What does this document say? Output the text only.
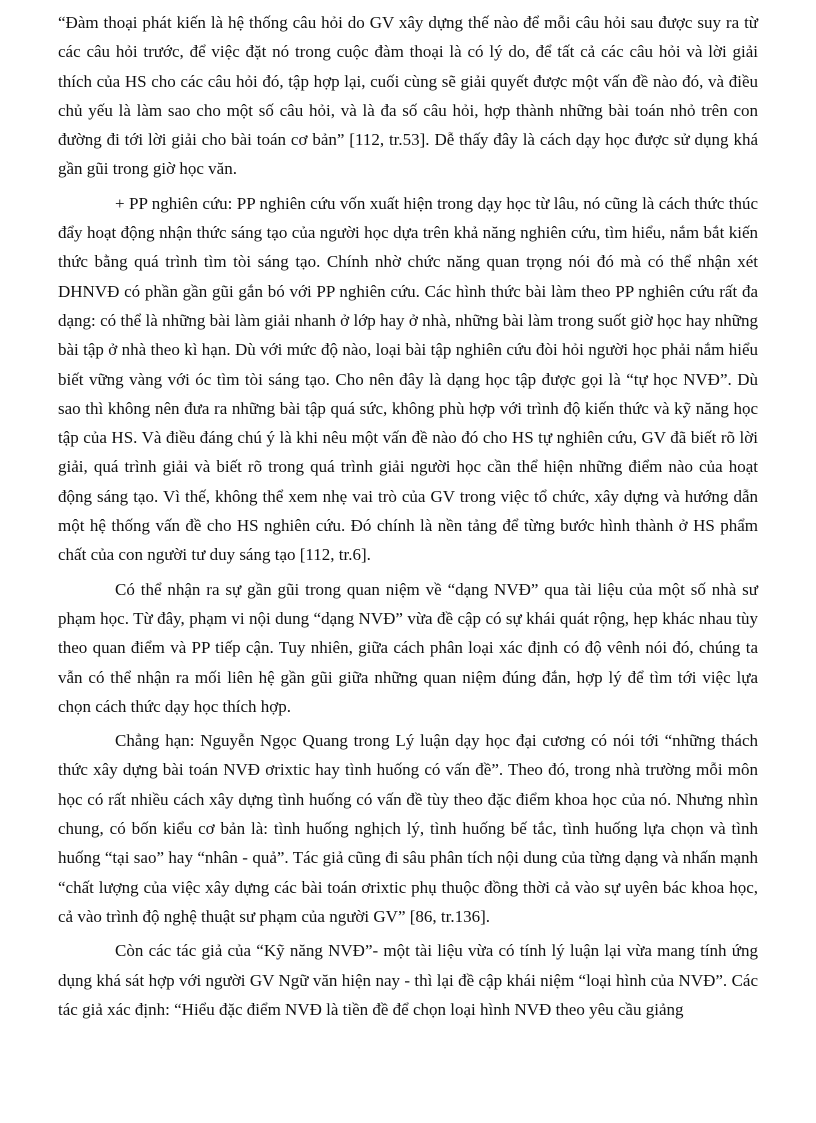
“Đàm thoại phát kiến là hệ thống câu hỏi do GV xây dựng thế nào để mỗi câu hỏi sau được suy ra từ các câu hỏi trước, để việc đặt nó trong cuộc đàm thoại là có lý do, để tất cả các câu hỏi và lời giải thích của HS cho các câu hỏi đó, tập hợp lại, cuối cùng sẽ giải quyết được một vấn đề nào đó, và điều chủ yếu là làm sao cho một số câu hỏi, và là đa số câu hỏi, hợp thành những bài toán nhỏ trên con đường đi tới lời giải cho bài toán cơ bản” [112, tr.53]. Dễ thấy đây là cách dạy học được sử dụng khá gần gũi trong giờ học văn.

+ PP nghiên cứu: PP nghiên cứu vốn xuất hiện trong dạy học từ lâu, nó cũng là cách thức thúc đẩy hoạt động nhận thức sáng tạo của người học dựa trên khả năng nghiên cứu, tìm hiểu, nắm bắt kiến thức bằng quá trình tìm tòi sáng tạo. Chính nhờ chức năng quan trọng nói đó mà có thể nhận xét DHNVĐ có phần gần gũi gắn bó với PP nghiên cứu. Các hình thức bài làm theo PP nghiên cứu rất đa dạng: có thể là những bài làm giải nhanh ở lớp hay ở nhà, những bài làm trong suốt giờ học hay những bài tập ở nhà theo kì hạn. Dù với mức độ nào, loại bài tập nghiên cứu đòi hỏi người học phải nắm hiểu biết vững vàng với óc tìm tòi sáng tạo. Cho nên đây là dạng học tập được gọi là “tự học NVĐ”. Dù sao thì không nên đưa ra những bài tập quá sức, không phù hợp với trình độ kiến thức và kỹ năng học tập của HS. Và điều đáng chú ý là khi nêu một vấn đề nào đó cho HS tự nghiên cứu, GV đã biết rõ lời giải, quá trình giải và biết rõ trong quá trình giải người học cần thể hiện những điểm nào của hoạt động sáng tạo. Vì thế, không thể xem nhẹ vai trò của GV trong việc tổ chức, xây dựng và hướng dẫn một hệ thống vấn đề cho HS nghiên cứu. Đó chính là nền tảng để từng bước hình thành ở HS phẩm chất của con người tư duy sáng tạo [112, tr.6].

Có thể nhận ra sự gần gũi trong quan niệm về “dạng NVĐ” qua tài liệu của một số nhà sư phạm học. Từ đây, phạm vi nội dung “dạng NVĐ” vừa đề cập có sự khái quát rộng, hẹp khác nhau tùy theo quan điểm và PP tiếp cận. Tuy nhiên, giữa cách phân loại xác định có độ vênh nói đó, chúng ta vẫn có thể nhận ra mối liên hệ gần gũi giữa những quan niệm đúng đắn, hợp lý để tìm tới việc lựa chọn cách thức dạy học thích hợp.

Chẳng hạn: Nguyễn Ngọc Quang trong Lý luận dạy học đại cương có nói tới “những thách thức xây dựng bài toán NVĐ ơrixtic hay tình huống có vấn đề”. Theo đó, trong nhà trường mỗi môn học có rất nhiều cách xây dựng tình huống có vấn đề tùy theo đặc điểm khoa học của nó. Nhưng nhìn chung, có bốn kiểu cơ bản là: tình huống nghịch lý, tình huống bế tắc, tình huống lựa chọn và tình huống “tại sao” hay “nhân - quả”. Tác giả cũng đi sâu phân tích nội dung của từng dạng và nhấn mạnh “chất lượng của việc xây dựng các bài toán ơrixtic phụ thuộc đồng thời cả vào sự uyên bác khoa học, cả vào trình độ nghệ thuật sư phạm của người GV” [86, tr.136].

Còn các tác giả của “Kỹ năng NVĐ”- một tài liệu vừa có tính lý luận lại vừa mang tính ứng dụng khá sát hợp với người GV Ngữ văn hiện nay - thì lại đề cập khái niệm “loại hình của NVĐ”. Các tác giả xác định: “Hiểu đặc điểm NVĐ là tiền đề để chọn loại hình NVĐ theo yêu cầu giảng
